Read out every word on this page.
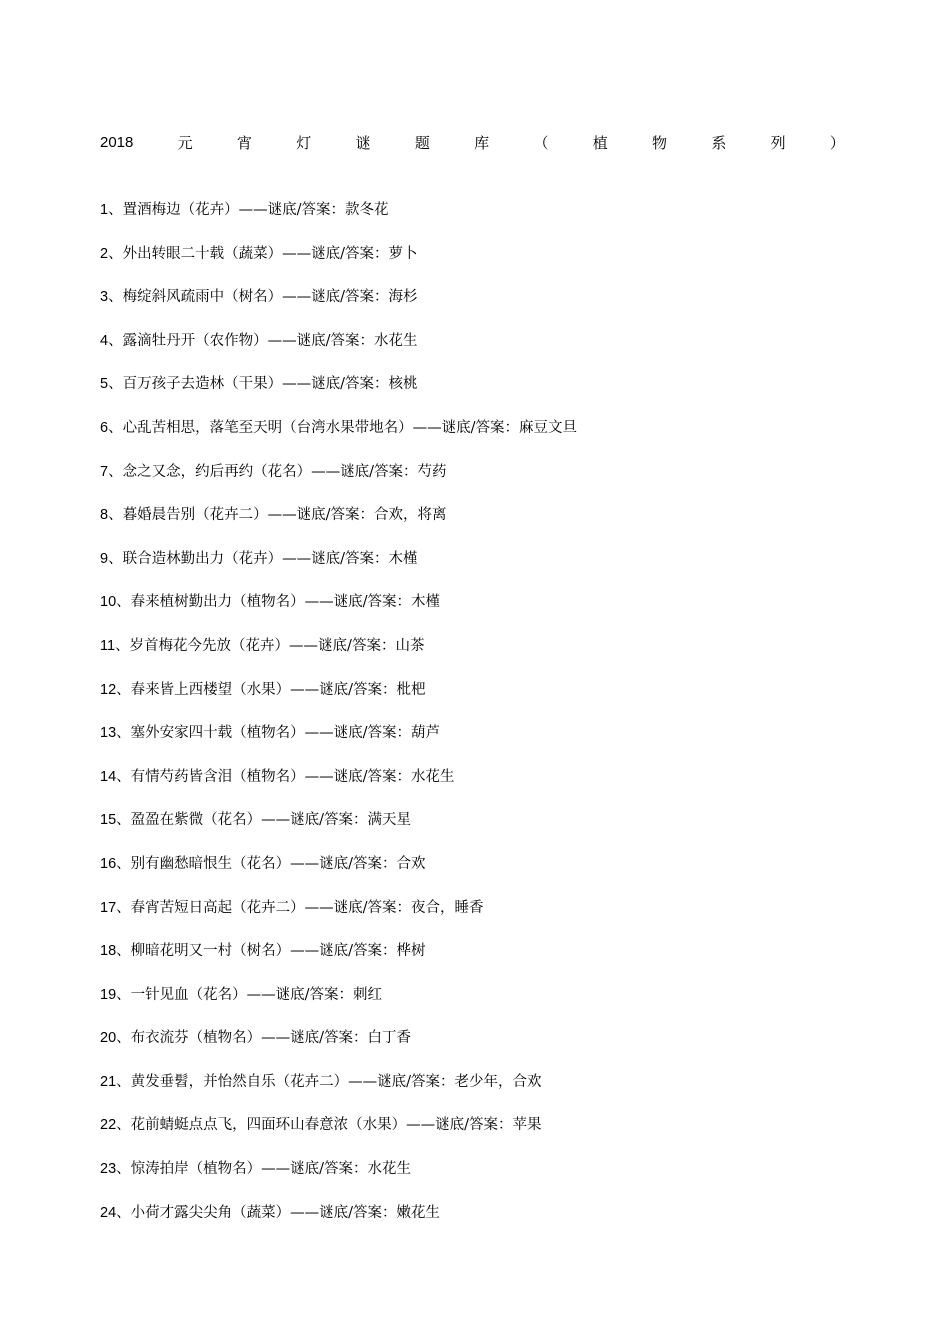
2018	元	宵	灯	谜	题	库	（	植	物	系	列	）
1、置酒梅边（花卉）——谜底/答案：款冬花
2、外出转眼二十载（蔬菜）——谜底/答案：萝卜
3、梅绽斜风疏雨中（树名）——谜底/答案：海杉
4、露滴牡丹开（农作物）——谜底/答案：水花生
5、百万孩子去造林（干果）——谜底/答案：核桃
6、心乱苦相思，落笔至天明（台湾水果带地名）——谜底/答案：麻豆文旦
7、念之又念，约后再约（花名）——谜底/答案：芍药
8、暮婚晨告别（花卉二）——谜底/答案：合欢，将离
9、联合造林勤出力（花卉）——谜底/答案：木槿
10、春来植树勤出力（植物名）——谜底/答案：木槿
11、岁首梅花今先放（花卉）——谜底/答案：山茶
12、春来皆上西楼望（水果）——谜底/答案：枇杷
13、塞外安家四十载（植物名）——谜底/答案：葫芦
14、有情芍药皆含泪（植物名）——谜底/答案：水花生
15、盈盈在紫微（花名）——谜底/答案：满天星
16、别有幽愁暗恨生（花名）——谜底/答案：合欢
17、春宵苦短日高起（花卉二）——谜底/答案：夜合，睡香
18、柳暗花明又一村（树名）——谜底/答案：桦树
19、一针见血（花名）——谜底/答案：刺红
20、布衣流芬（植物名）——谜底/答案：白丁香
21、黄发垂髫，并怡然自乐（花卉二）——谜底/答案：老少年，合欢
22、花前蜻蜓点点飞，四面环山春意浓（水果）——谜底/答案：苹果
23、惊涛拍岸（植物名）——谜底/答案：水花生
24、小荷才露尖尖角（蔬菜）——谜底/答案：嫩花生
